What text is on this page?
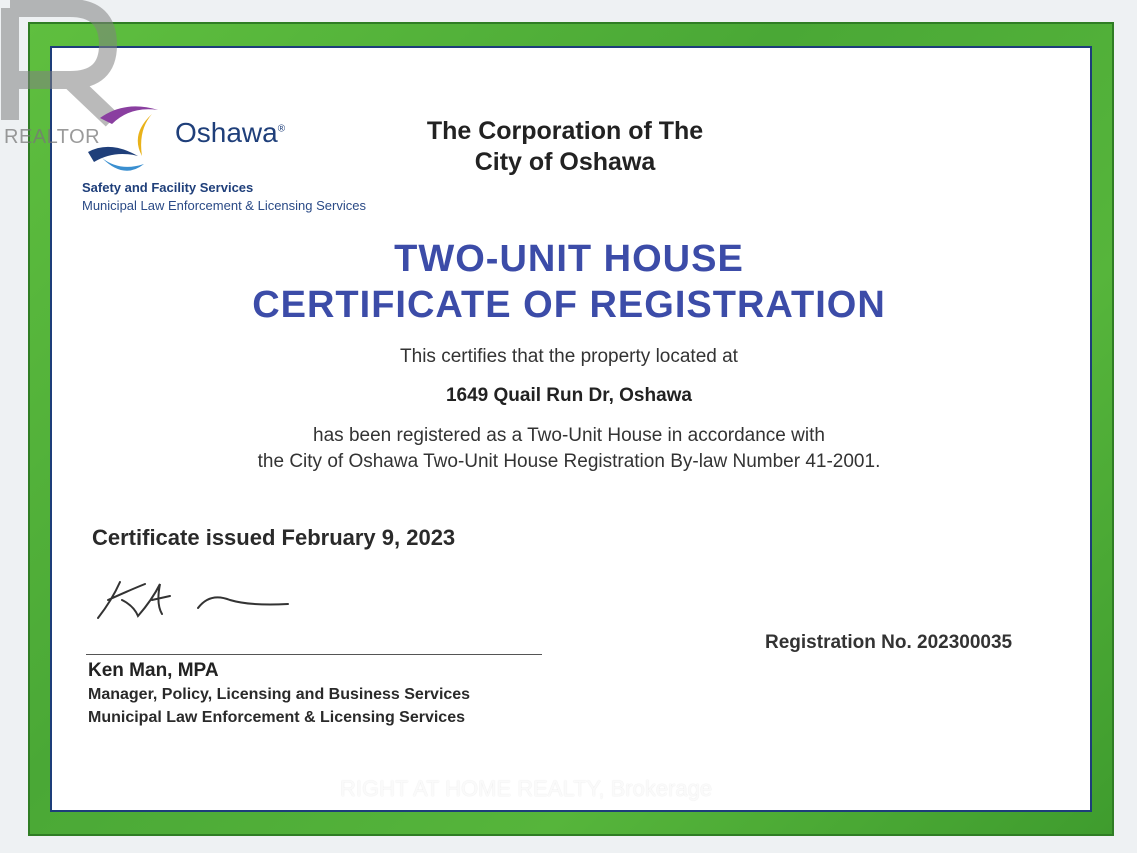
REALTOR	Oshawa®
Safety and Facility Services
Municipal Law Enforcement & Licensing Services
The Corporation of The
City of Oshawa
TWO-UNIT HOUSE
CERTIFICATE OF REGISTRATION
This certifies that the property located at
1649 Quail Run Dr, Oshawa
has been registered as a Two-Unit House in accordance with
the City of Oshawa Two-Unit House Registration By-law Number 41-2001.
Certificate issued February 9, 2023
Ken Man, MPA
Manager, Policy, Licensing and Business Services
Municipal Law Enforcement & Licensing Services
Registration No. 202300035
RIGHT AT HOME REALTY, Brokerage
